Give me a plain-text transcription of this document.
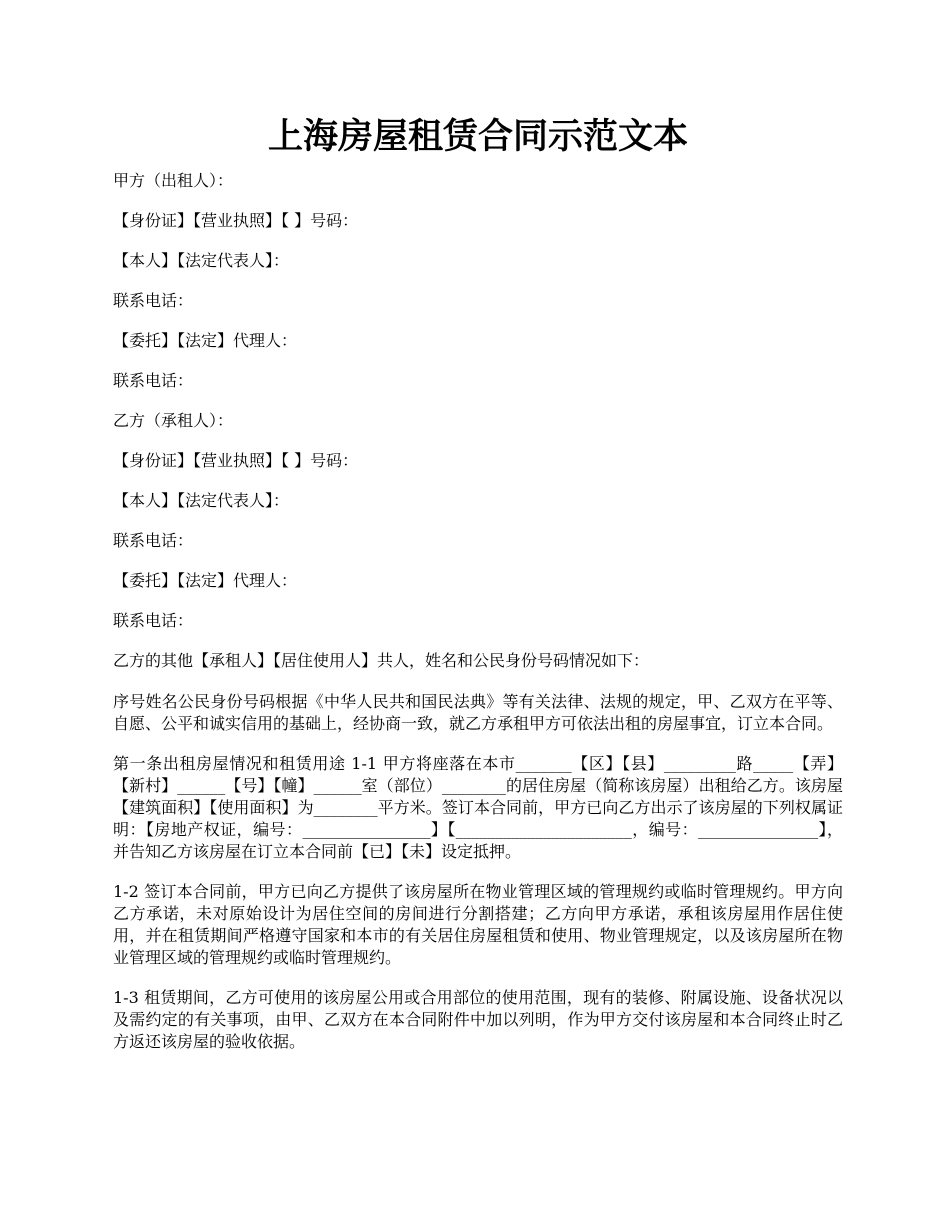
上海房屋租赁合同示范文本
甲方（出租人）：
【身份证】【营业执照】【 】号码：
【本人】【法定代表人】：
联系电话：
【委托】【法定】代理人：
联系电话：
乙方（承租人）：
【身份证】【营业执照】【 】号码：
【本人】【法定代表人】：
联系电话：
【委托】【法定】代理人：
联系电话：
乙方的其他【承租人】【居住使用人】共人，姓名和公民身份号码情况如下：

序号姓名公民身份号码根据《中华人民共和国民法典》等有关法律、法规的规定，甲、乙双方在平等、自愿、公平和诚实信用的基础上，经协商一致，就乙方承租甲方可依法出租的房屋事宜，订立本合同。

第一条出租房屋情况和租赁用途 1-1 甲方将座落在本市_______【区】【县】_________路_____【弄】【新村】______【号】【幢】______室（部位）________的居住房屋（简称该房屋）出租给乙方。该房屋【建筑面积】【使用面积】为________平方米。签订本合同前，甲方已向乙方出示了该房屋的下列权属证明：【房地产权证，编号：________________】【______________________，编号：_______________】，并告知乙方该房屋在订立本合同前【已】【未】设定抵押。

1-2 签订本合同前，甲方已向乙方提供了该房屋所在物业管理区域的管理规约或临时管理规约。甲方向乙方承诺，未对原始设计为居住空间的房间进行分割搭建；乙方向甲方承诺，承租该房屋用作居住使用，并在租赁期间严格遵守国家和本市的有关居住房屋租赁和使用、物业管理规定，以及该房屋所在物业管理区域的管理规约或临时管理规约。

1-3 租赁期间，乙方可使用的该房屋公用或合用部位的使用范围，现有的装修、附属设施、设备状况以及需约定的有关事项，由甲、乙双方在本合同附件中加以列明，作为甲方交付该房屋和本合同终止时乙方返还该房屋的验收依据。
